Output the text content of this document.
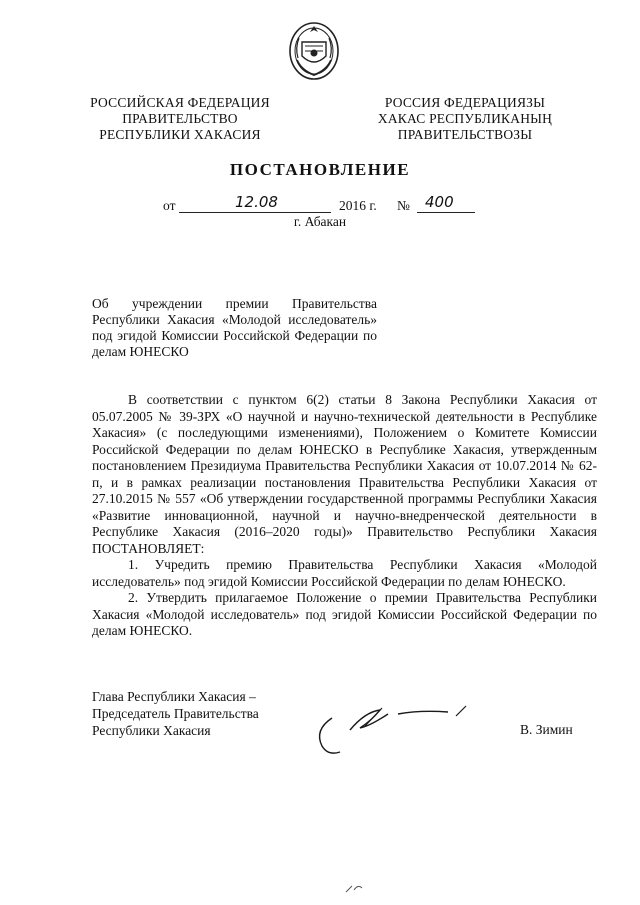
РОССИЙСКАЯ ФЕДЕРАЦИЯ
ПРАВИТЕЛЬСТВО
РЕСПУБЛИКИ ХАКАСИЯ
РОССИЯ ФЕДЕРАЦИЯЗЫ
ХАКАС РЕСПУБЛИКАНЫҢ
ПРАВИТЕЛЬСТВОЗЫ
ПОСТАНОВЛЕНИЕ
от	12.08	2016 г. № 400
г. Абакан
Об учреждении премии Правительства Республики Хакасия «Молодой исследователь» под эгидой Комиссии Российской Федерации по делам ЮНЕСКО

В соответствии с пунктом 6(2) статьи 8 Закона Республики Хакасия от 05.07.2005 № 39-ЗРХ «О научной и научно-технической деятельности в Республике Хакасия» (с последующими изменениями), Положением о Комитете Комиссии Российской Федерации по делам ЮНЕСКО в Республике Хакасия, утвержденным постановлением Президиума Правительства Республики Хакасия от 10.07.2014 № 62-п, и в рамках реализации постановления Правительства Республики Хакасия от 27.10.2015 № 557 «Об утверждении государственной программы Республики Хакасия «Развитие инновационной, научной и научно-внедренческой деятельности в Республике Хакасия (2016–2020 годы)» Правительство Республики Хакасия ПОСТАНОВЛЯЕТ:

1. Учредить премию Правительства Республики Хакасия «Молодой исследователь» под эгидой Комиссии Российской Федерации по делам ЮНЕСКО.

2. Утвердить прилагаемое Положение о премии Правительства Республики Хакасия «Молодой исследователь» под эгидой Комиссии Российской Федерации по делам ЮНЕСКО.

Глава Республики Хакасия –
Председатель Правительства
Республики Хакасия	В. Зимин
